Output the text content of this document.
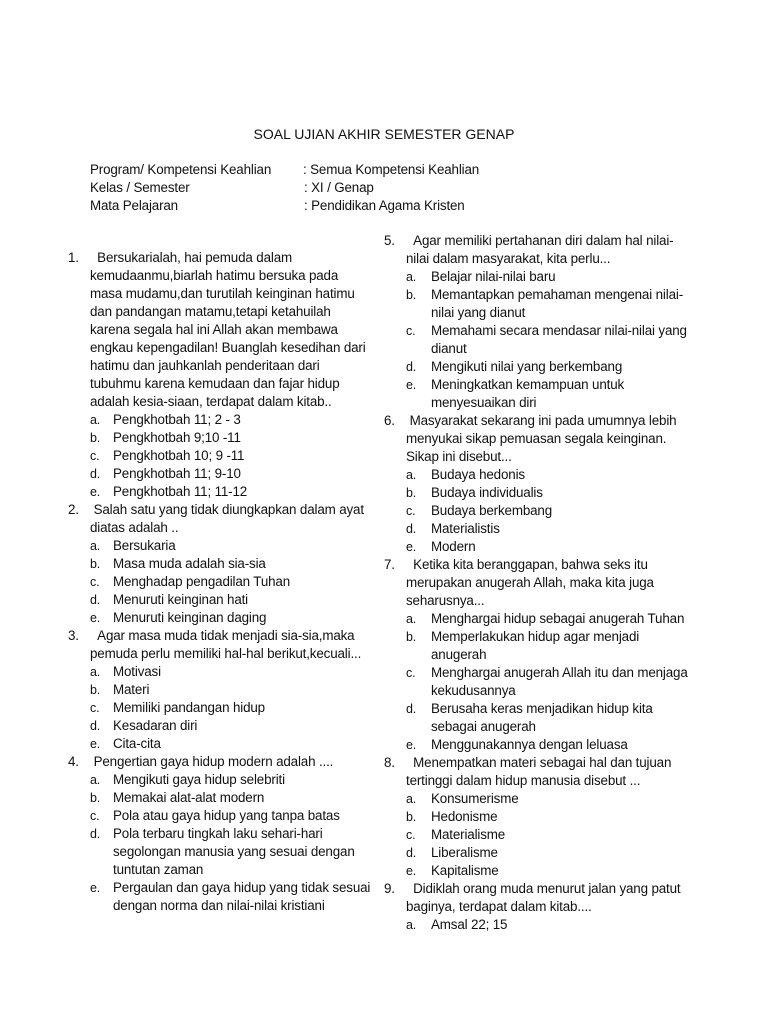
SOAL UJIAN AKHIR SEMESTER GENAP
Program/ Kompetensi Keahlian : Semua Kompetensi Keahlian
Kelas / Semester	: XI / Genap
Mata Pelajaran	: Pendidikan Agama Kristen
1. Bersukarialah, hai pemuda dalam kemudaanmu,biarlah hatimu bersuka pada masa mudamu,dan turutilah keinginan hatimu dan pandangan matamu,tetapi ketahuilah karena segala hal ini Allah akan membawa engkau kepengadilan! Buanglah kesedihan dari hatimu dan jauhkanlah penderitaan dari tubuhmu karena kemudaan dan fajar hidup adalah kesia-siaan, terdapat dalam kitab..
a. Pengkhotbah 11; 2 - 3
b. Pengkhotbah 9;10 -11
c. Pengkhotbah 10; 9 -11
d. Pengkhotbah 11; 9-10
e. Pengkhotbah 11; 11-12
2. Salah satu yang tidak diungkapkan dalam ayat diatas adalah ..
a. Bersukaria
b. Masa muda adalah sia-sia
c. Menghadap pengadilan Tuhan
d. Menuruti keinginan hati
e. Menuruti keinginan daging
3. Agar masa muda tidak menjadi sia-sia,maka pemuda perlu memiliki hal-hal berikut,kecuali...
a. Motivasi
b. Materi
c. Memiliki pandangan hidup
d. Kesadaran diri
e. Cita-cita
4. Pengertian gaya hidup modern adalah ....
a. Mengikuti gaya hidup selebriti
b. Memakai alat-alat modern
c. Pola atau gaya hidup yang tanpa batas
d. Pola terbaru tingkah laku sehari-hari segolongan manusia yang sesuai dengan tuntutan zaman
e. Pergaulan dan gaya hidup yang tidak sesuai dengan norma dan nilai-nilai kristiani
5. Agar memiliki pertahanan diri dalam hal nilai-nilai dalam masyarakat, kita perlu...
a. Belajar nilai-nilai baru
b. Memantapkan pemahaman mengenai nilai-nilai yang dianut
c. Memahami secara mendasar nilai-nilai yang dianut
d. Mengikuti nilai yang berkembang
e. Meningkatkan kemampuan untuk menyesuaikan diri
6. Masyarakat sekarang ini pada umumnya lebih menyukai sikap pemuasan segala keinginan. Sikap ini disebut...
a. Budaya hedonis
b. Budaya individualis
c. Budaya berkembang
d. Materialistis
e. Modern
7. Ketika kita beranggapan, bahwa seks itu merupakan anugerah Allah, maka kita juga seharusnya...
a. Menghargai hidup sebagai anugerah Tuhan
b. Memperlakukan hidup agar menjadi anugerah
c. Menghargai anugerah Allah itu dan menjaga kekudusannya
d. Berusaha keras menjadikan hidup kita sebagai anugerah
e. Menggunakannya dengan leluasa
8. Menempatkan materi sebagai hal dan tujuan tertinggi dalam hidup manusia disebut ...
a. Konsumerisme
b. Hedonisme
c. Materialisme
d. Liberalisme
e. Kapitalisme
9. Didiklah orang muda menurut jalan yang patut baginya, terdapat dalam kitab....
a. Amsal 22; 15
